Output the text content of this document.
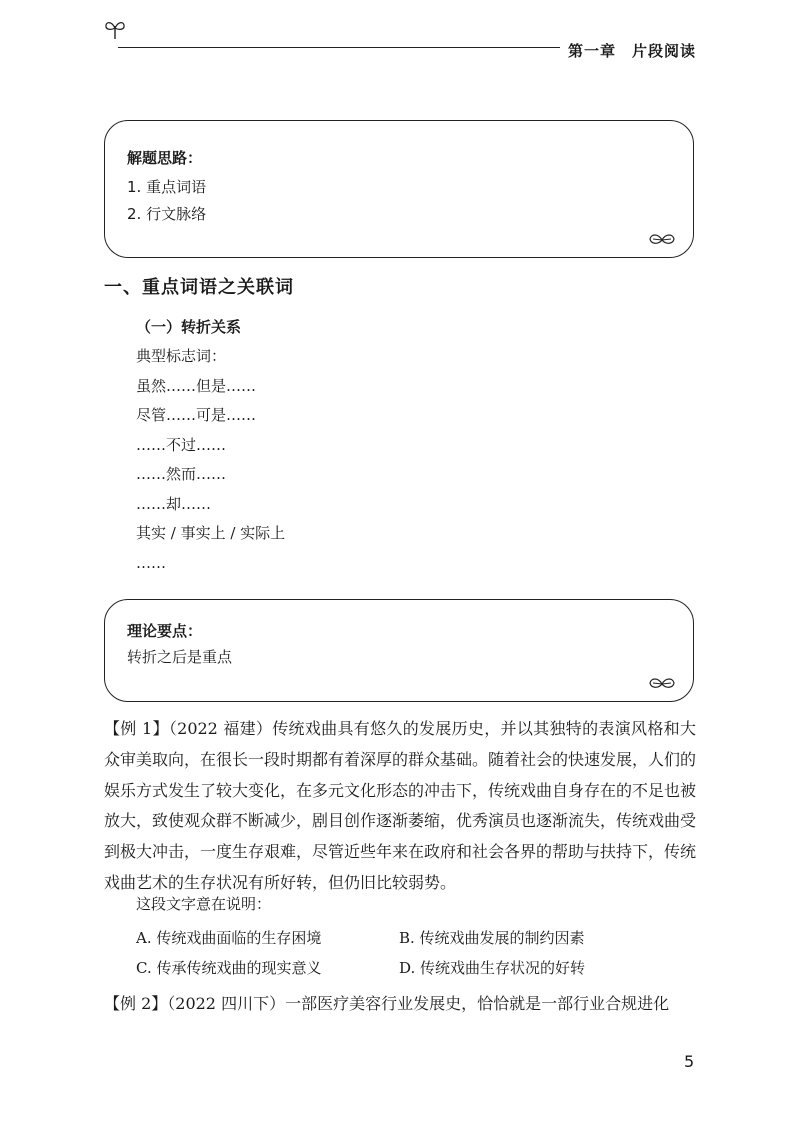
第一章　片段阅读
解题思路：
1. 重点词语
2. 行文脉络
一、重点词语之关联词
（一）转折关系
典型标志词：
虽然……但是……
尽管……可是……
……不过……
……然而……
……却……
其实 / 事实上 / 实际上
……
理论要点：
转折之后是重点

【例 1】（2022 福建）传统戏曲具有悠久的发展历史，并以其独特的表演风格和大众审美取向，在很长一段时期都有着深厚的群众基础。随着社会的快速发展，人们的娱乐方式发生了较大变化，在多元文化形态的冲击下，传统戏曲自身存在的不足也被放大，致使观众群不断减少，剧目创作逐渐萎缩，优秀演员也逐渐流失，传统戏曲受到极大冲击，一度生存艰难，尽管近些年来在政府和社会各界的帮助与扶持下，传统戏曲艺术的生存状况有所好转，但仍旧比较弱势。

这段文字意在说明：
A. 传统戏曲面临的生存困境	B. 传统戏曲发展的制约因素
C. 传承传统戏曲的现实意义	D. 传统戏曲生存状况的好转
【例 2】（2022 四川下）一部医疗美容行业发展史，恰恰就是一部行业合规进化
5
